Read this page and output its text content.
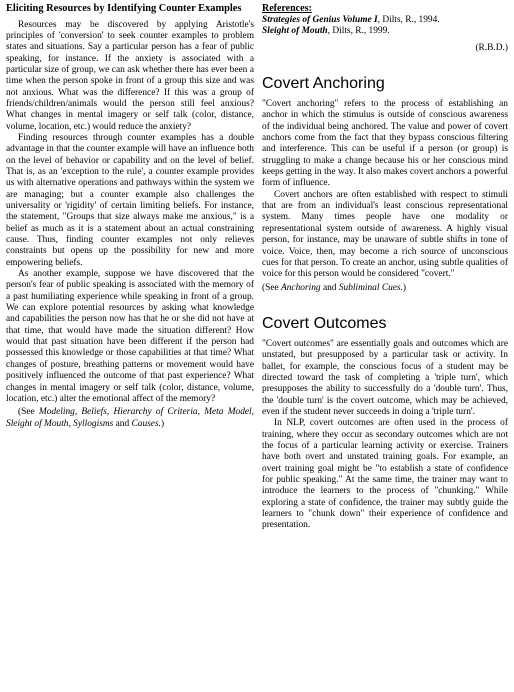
Eliciting Resources by Identifying Counter Examples

Resources may be discovered by applying Aristotle's principles of 'conversion' to seek counter examples to problem states and situations. Say a particular person has a fear of public speaking, for instance. If the anxiety is associated with a particular size of group, we can ask whether there has ever been a time when the person spoke in front of a group this size and was not anxious. What was the difference? If this was a group of friends/children/animals would the person still feel anxious? What changes in mental imagery or self talk (color, distance, volume, location, etc.) would reduce the anxiety?

Finding resources through counter examples has a double advantage in that the counter example will have an influence both on the level of behavior or capability and on the level of belief. That is, as an 'exception to the rule', a counter example provides us with alternative operations and pathways within the system we are managing; but a counter example also challenges the universality or 'rigidity' of certain limiting beliefs. For instance, the statement, "Groups that size always make me anxious," is a belief as much as it is a statement about an actual constraining cause. Thus, finding counter examples not only relieves constraints but opens up the possibility for new and more empowering beliefs.

As another example, suppose we have discovered that the person's fear of public speaking is associated with the memory of a past humiliating experience while speaking in front of a group. We can explore potential resources by asking what knowledge and capabilities the person now has that he or she did not have at that time, that would have made the situation different? How would that past situation have been different if the person had possessed this knowledge or those capabilities at that time? What changes of posture, breathing patterns or movement would have positively influenced the outcome of that past experience? What changes in mental imagery or self talk (color, distance, volume, location, etc.) alter the emotional affect of the memory?

(See Modeling, Beliefs, Hierarchy of Criteria, Meta Model, Sleight of Mouth, Syllogisms and Causes.)

References:
Strategies of Genius Volume I, Dilts, R., 1994.
Sleight of Mouth, Dilts, R., 1999.
(R.B.D.)
Covert Anchoring

"Covert anchoring" refers to the process of establishing an anchor in which the stimulus is outside of conscious awareness of the individual being anchored. The value and power of covert anchors come from the fact that they bypass conscious filtering and interference. This can be useful if a person (or group) is struggling to make a change because his or her conscious mind keeps getting in the way. It also makes covert anchors a powerful form of influence.

Covert anchors are often established with respect to stimuli that are from an individual's least conscious representational system. Many times people have one modality or representational system outside of awareness. A highly visual person, for instance, may be unaware of subtle shifts in tone of voice. Voice, then, may become a rich source of unconscious cues for that person. To create an anchor, using subtle qualities of voice for this person would be considered "covert."

(See Anchoring and Subliminal Cues.)

Covert Outcomes

"Covert outcomes" are essentially goals and outcomes which are unstated, but presupposed by a particular task or activity. In ballet, for example, the conscious focus of a student may be directed toward the task of completing a 'triple turn', which presupposes the ability to successfully do a 'double turn'. Thus, the 'double turn' is the covert outcome, which may be achieved, even if the student never succeeds in doing a 'triple turn'.

In NLP, covert outcomes are often used in the process of training, where they occur as secondary outcomes which are not the focus of a particular learning activity or exercise. Trainers have both overt and unstated training goals. For example, an overt training goal might be "to establish a state of confidence for public speaking." At the same time, the trainer may want to introduce the learners to the process of "chunking." While exploring a state of confidence, the trainer may subtly guide the learners to "chunk down" their experience of confidence and presentation.
